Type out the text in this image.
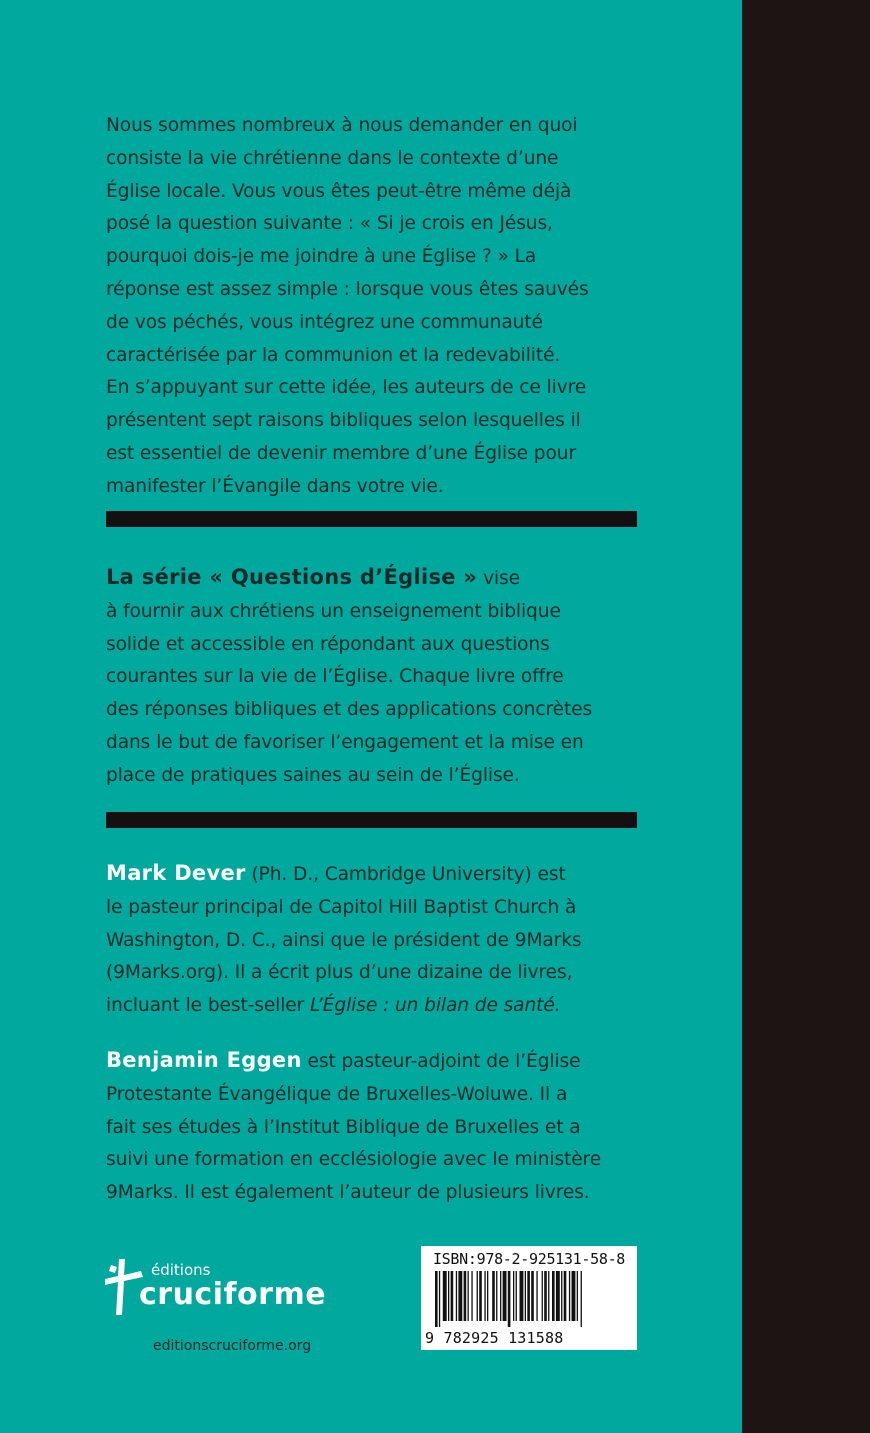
Nous sommes nombreux à nous demander en quoi
consiste la vie chrétienne dans le contexte d’une
Église locale. Vous vous êtes peut-être même déjà
posé la question suivante : « Si je crois en Jésus,
pourquoi dois-je me joindre à une Église ? » La
réponse est assez simple : lorsque vous êtes sauvés
de vos péchés, vous intégrez une communauté
caractérisée par la communion et la redevabilité.
En s’appuyant sur cette idée, les auteurs de ce livre
présentent sept raisons bibliques selon lesquelles il
est essentiel de devenir membre d’une Église pour
manifester l’Évangile dans votre vie.
La série « Questions d’Église » vise
à fournir aux chrétiens un enseignement biblique
solide et accessible en répondant aux questions
courantes sur la vie de l’Église. Chaque livre offre
des réponses bibliques et des applications concrètes
dans le but de favoriser l’engagement et la mise en
place de pratiques saines au sein de l’Église.
Mark Dever (Ph. D., Cambridge University) est
le pasteur principal de Capitol Hill Baptist Church à
Washington, D. C., ainsi que le président de 9Marks
(9Marks.org). Il a écrit plus d’une dizaine de livres,
incluant le best-seller L’Église : un bilan de santé.
Benjamin Eggen est pasteur-adjoint de l’Église
Protestante Évangélique de Bruxelles-Woluwe. Il a
fait ses études à l’Institut Biblique de Bruxelles et a
suivi une formation en ecclésiologie avec le ministère
9Marks. Il est également l’auteur de plusieurs livres.
éditions
cruciforme
editionscruciforme.org
ISBN:978-2-925131-58-8
9 782925 131588
